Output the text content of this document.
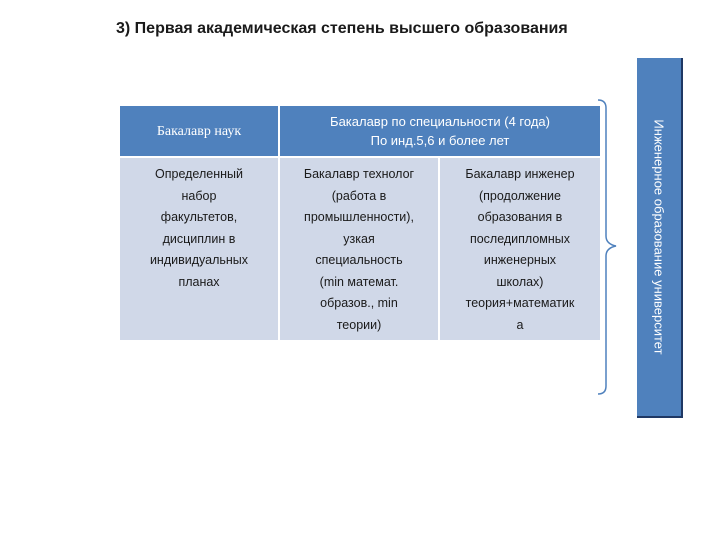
3) Первая академическая степень высшего образования
Бакалавр наук
Бакалавр по специальности (4 года)
По инд.5,6 и более лет
Определенный
набор
факультетов,
дисциплин в
индивидуальных
планах
Бакалавр технолог
(работа в
промышленности),
узкая
специальность
(min математ.
образов., min
теории)
Бакалавр инженер
(продолжение
образования в
последипломных
инженерных
школах)
теория+математик
а	Инженерное образование университет
